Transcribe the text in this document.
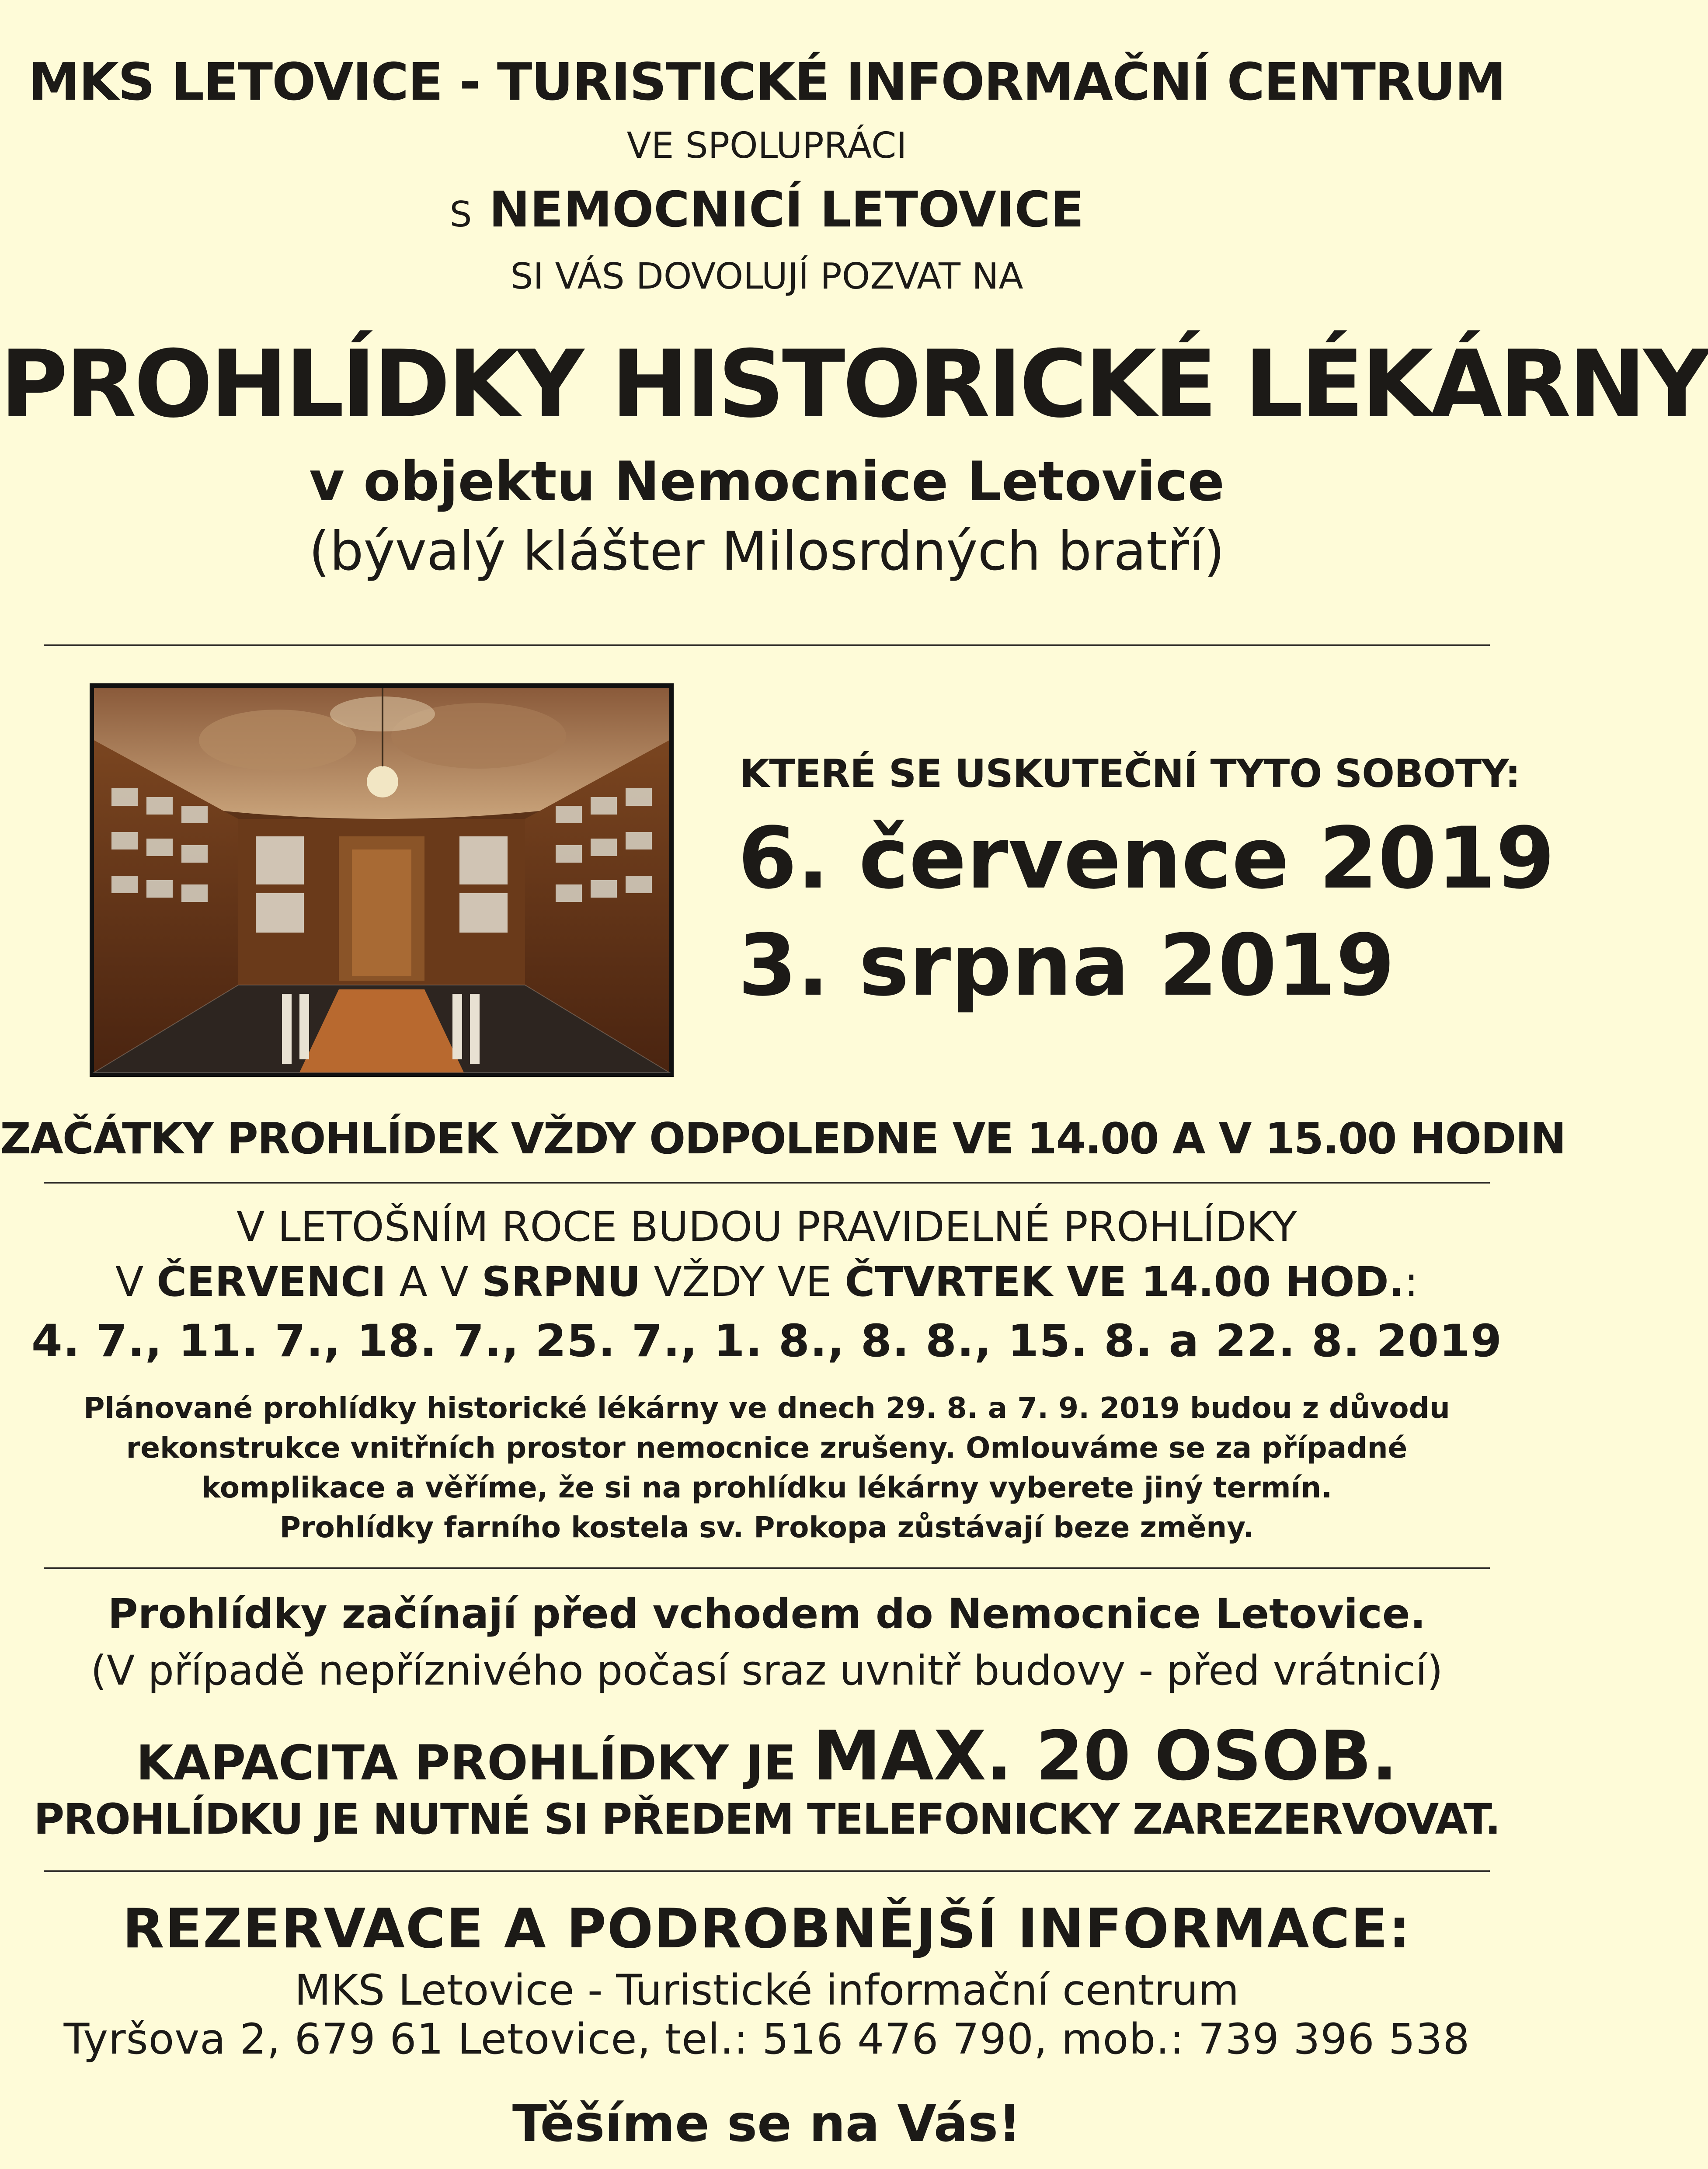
MKS LETOVICE - TURISTICKÉ INFORMAČNÍ CENTRUM
VE SPOLUPRÁCI
S NEMOCNICÍ LETOVICE
SI VÁS DOVOLUJÍ POZVAT NA
PROHLÍDKY HISTORICKÉ LÉKÁRNY
v objektu Nemocnice Letovice
(bývalý klášter Milosrdných bratří)
KTERÉ SE USKUTEČNÍ TYTO SOBOTY:
6. července 2019
3. srpna 2019
ZAČÁTKY PROHLÍDEK VŽDY ODPOLEDNE VE 14.00 A V 15.00 HODIN
V LETOŠNÍM ROCE BUDOU PRAVIDELNÉ PROHLÍDKY
V ČERVENCI A V SRPNU VŽDY VE ČTVRTEK VE 14.00 HOD.:
4. 7., 11. 7., 18. 7., 25. 7., 1. 8., 8. 8., 15. 8. a 22. 8. 2019
Plánované prohlídky historické lékárny ve dnech 29. 8. a 7. 9. 2019 budou z důvodu
rekonstrukce vnitřních prostor nemocnice zrušeny. Omlouváme se za případné
komplikace a věříme, že si na prohlídku lékárny vyberete jiný termín.
Prohlídky farního kostela sv. Prokopa zůstávají beze změny.
Prohlídky začínají před vchodem do Nemocnice Letovice.
(V případě nepříznivého počasí sraz uvnitř budovy - před vrátnicí)
KAPACITA PROHLÍDKY JE MAX. 20 OSOB.
PROHLÍDKU JE NUTNÉ SI PŘEDEM TELEFONICKY ZAREZERVOVAT.
REZERVACE A PODROBNĚJŠÍ INFORMACE:
MKS Letovice - Turistické informační centrum
Tyršova 2, 679 61 Letovice, tel.: 516 476 790, mob.: 739 396 538
Těšíme se na Vás!
